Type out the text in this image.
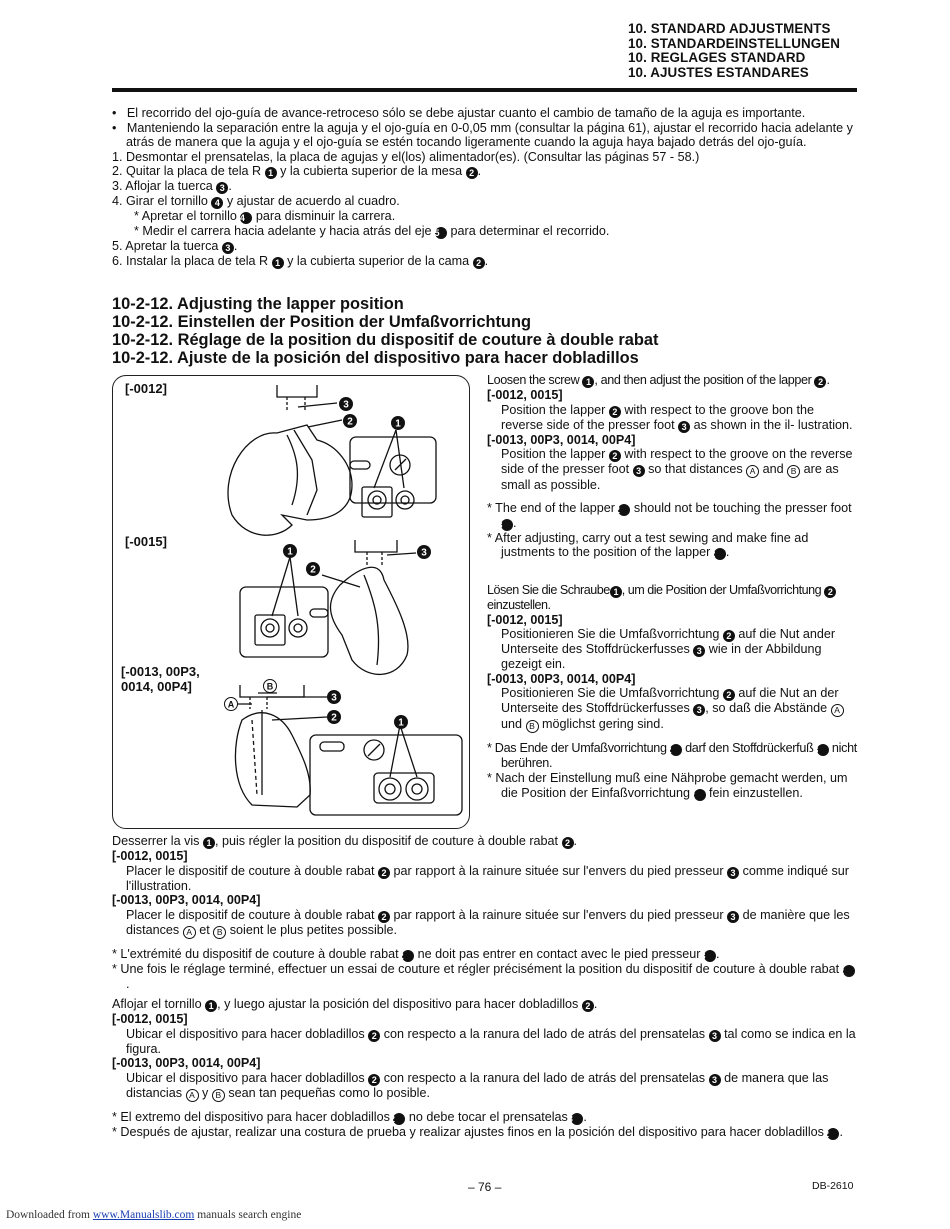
10. STANDARD ADJUSTMENTS
10. STANDARDEINSTELLUNGEN
10. REGLAGES STANDARD
10. AJUSTES ESTANDARES

•   El recorrido del ojo-guía de avance-retroceso sólo se debe ajustar cuanto el cambio de tamaño de la aguja es importante.

•   Manteniendo la separación entre la aguja y el ojo-guía en 0-0,05 mm (consultar la página 61), ajustar el recorrido hacia adelante y atrás de manera que la aguja y el ojo-guía se estén tocando ligeramente cuando la aguja haya bajado detrás del ojo-guía.

1. Desmontar el prensatelas, la placa de agujas y el(los) alimentador(es). (Consultar las páginas 57 - 58.)

2. Quitar la placa de tela R 1 y la cubierta superior de la mesa 2 .

3. Aflojar la tuerca 3 .

4. Girar el tornillo 4 y ajustar de acuerdo al cuadro.

* Apretar el tornillo 4 para disminuir la carrera.

* Medir el carrera hacia adelante y hacia atrás del eje 5 para determinar el recorrido.

5. Apretar la tuerca 3 .

6. Instalar la placa de tela R 1 y la cubierta superior de la cama 2 .

10-2-12. Adjusting the lapper position
10-2-12. Einstellen der Position der Umfaßvorrichtung
10-2-12. Réglage de la position du dispositif de couture à double rabat
10-2-12. Ajuste de la posición del dispositivo para hacer dobladillos
[-0012]
[-0015]
[-0013, 00P3,
0014, 00P4]
3
2	1
1
2
3
3
2	1
B
A

Loosen the screw 1 , and then adjust the position of the lapper 2 .

[-0012, 0015]

Position the lapper 2 with respect to the groove bon the reverse side of the presser foot 3 as shown in the il- lustration.

[-0013, 00P3, 0014, 00P4]

Position the lapper 2 with respect to the groove on the reverse side of the presser foot 3 so that distances A and B are as small as possible.

* The end of the lapper 2 should not be touching the presser foot 3 .

* After adjusting, carry out a test sewing and make fine ad justments to the position of the lapper 2 .

Lösen Sie die Schraube 1 , um die Position der Umfaßvorrichtung 2 einzustellen.

[-0012, 0015]

Positionieren Sie die Umfaßvorrichtung 2 auf die Nut ander Unterseite des Stoffdrückerfusses 3 wie in der Abbildung gezeigt ein.

[-0013, 00P3, 0014, 00P4]

Positionieren Sie die Umfaßvorrichtung 2 auf die Nut an der Unterseite des Stoffdrückerfusses 3 , so daß die Abstände A und B möglichst gering sind.

* Das Ende der Umfaßvorrichtung 2 darf den Stoffdrückerfuß 3 nicht berühren.

* Nach der Einstellung muß eine Nähprobe gemacht werden, um die Position der Einfaßvorrichtung 2 fein einzustellen.

Desserrer la vis 1 , puis régler la position du dispositif de couture à double rabat 2 .

[-0012, 0015]

Placer le dispositif de couture à double rabat 2 par rapport à la rainure située sur l'envers du pied presseur 3 comme indiqué sur l'illustration.

[-0013, 00P3, 0014, 00P4]

Placer le dispositif de couture à double rabat 2 par rapport à la rainure située sur l'envers du pied presseur 3 de manière que les distances A et B soient le plus petites possible.

* L'extrémité du dispositif de couture à double rabat 2 ne doit pas entrer en contact avec le pied presseur 3 .

* Une fois le réglage terminé, effectuer un essai de couture et régler précisément la position du dispositif de couture à double rabat 2.

Aflojar el tornillo 1 , y luego ajustar la posición del dispositivo para hacer dobladillos 2 .

[-0012, 0015]

Ubicar el dispositivo para hacer dobladillos 2 con respecto a la ranura del lado de atrás del prensatelas 3 tal como se indica en la figura.

[-0013, 00P3, 0014, 00P4]

Ubicar el dispositivo para hacer dobladillos 2 con respecto a la ranura del lado de atrás del prensatelas 3 de manera que las distancias A y B sean tan pequeñas como lo posible.

* El extremo del dispositivo para hacer dobladillos 2 no debe tocar el prensatelas 3 .

* Después de ajustar, realizar una costura de prueba y realizar ajustes finos en la posición del dispositivo para hacer dobladillos 2 .

– 76 –	DB-2610
Downloaded from www.Manualslib.com manuals search engine
